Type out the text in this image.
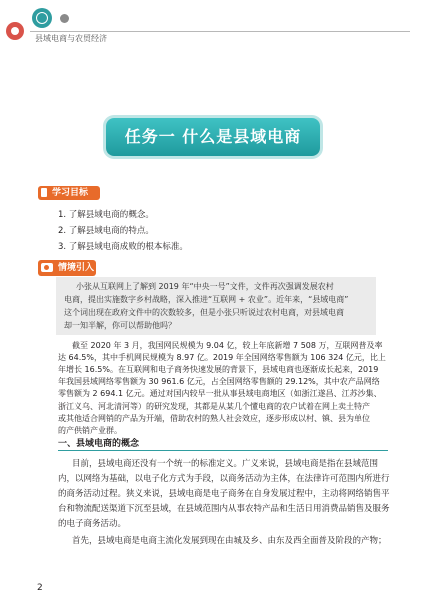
县域电商与农贸经济
任务一 什么是县域电商
学习目标
1. 了解县域电商的概念。
2. 了解县域电商的特点。
3. 了解县域电商成败的根本标准。
情境引入
小张从互联网上了解到 2019 年“中央一号”文件，文件再次强调发展农村
电商，提出实施数字乡村战略，深入推进“互联网 + 农业”。近年来，“县域电商”
这个词出现在政府文件中的次数较多，但是小张只听说过农村电商，对县域电商
却一知半解，你可以帮助他吗？
截至 2020 年 3 月，我国网民规模为 9.04 亿，较上年底新增 7 508 万，互联网普及率
达 64.5%，其中手机网民规模为 8.97 亿。2019 年全国网络零售额为 106 324 亿元，比上
年增长 16.5%。在互联网和电子商务快速发展的背景下，县域电商也逐渐成长起来，2019
年我国县域网络零售额为 30 961.6 亿元，占全国网络零售额的 29.12%，其中农产品网络
零售额为 2 694.1 亿元。通过对国内较早一批从事县域电商地区（如浙江遂昌、江苏沙集、
浙江义乌、河北清河等）的研究发现，其都是从某几个懂电商的农户试着在网上卖土特产
一、县域电商的概念
目前，县域电商还没有一个统一的标准定义。广义来说，县域电商是指在县域范围
内，以网络为基础，以电子化方式为手段，以商务活动为主体，在法律许可范围内所进行
的商务活动过程。狭义来说，县域电商是电子商务在自身发展过程中，主动将网络销售平
台和物流配送渠道下沉至县域，在县域范围内从事农特产品和生活日用消费品销售及服务
的电子商务活动。
首先，县域电商是电商主流化发展到现在由城及乡、由东及西全面普及阶段的产物；
或其他适合网销的产品为开端，借助农村的熟人社会效应，逐步形成以村、镇、县为单位
的产供销产业群。
2
